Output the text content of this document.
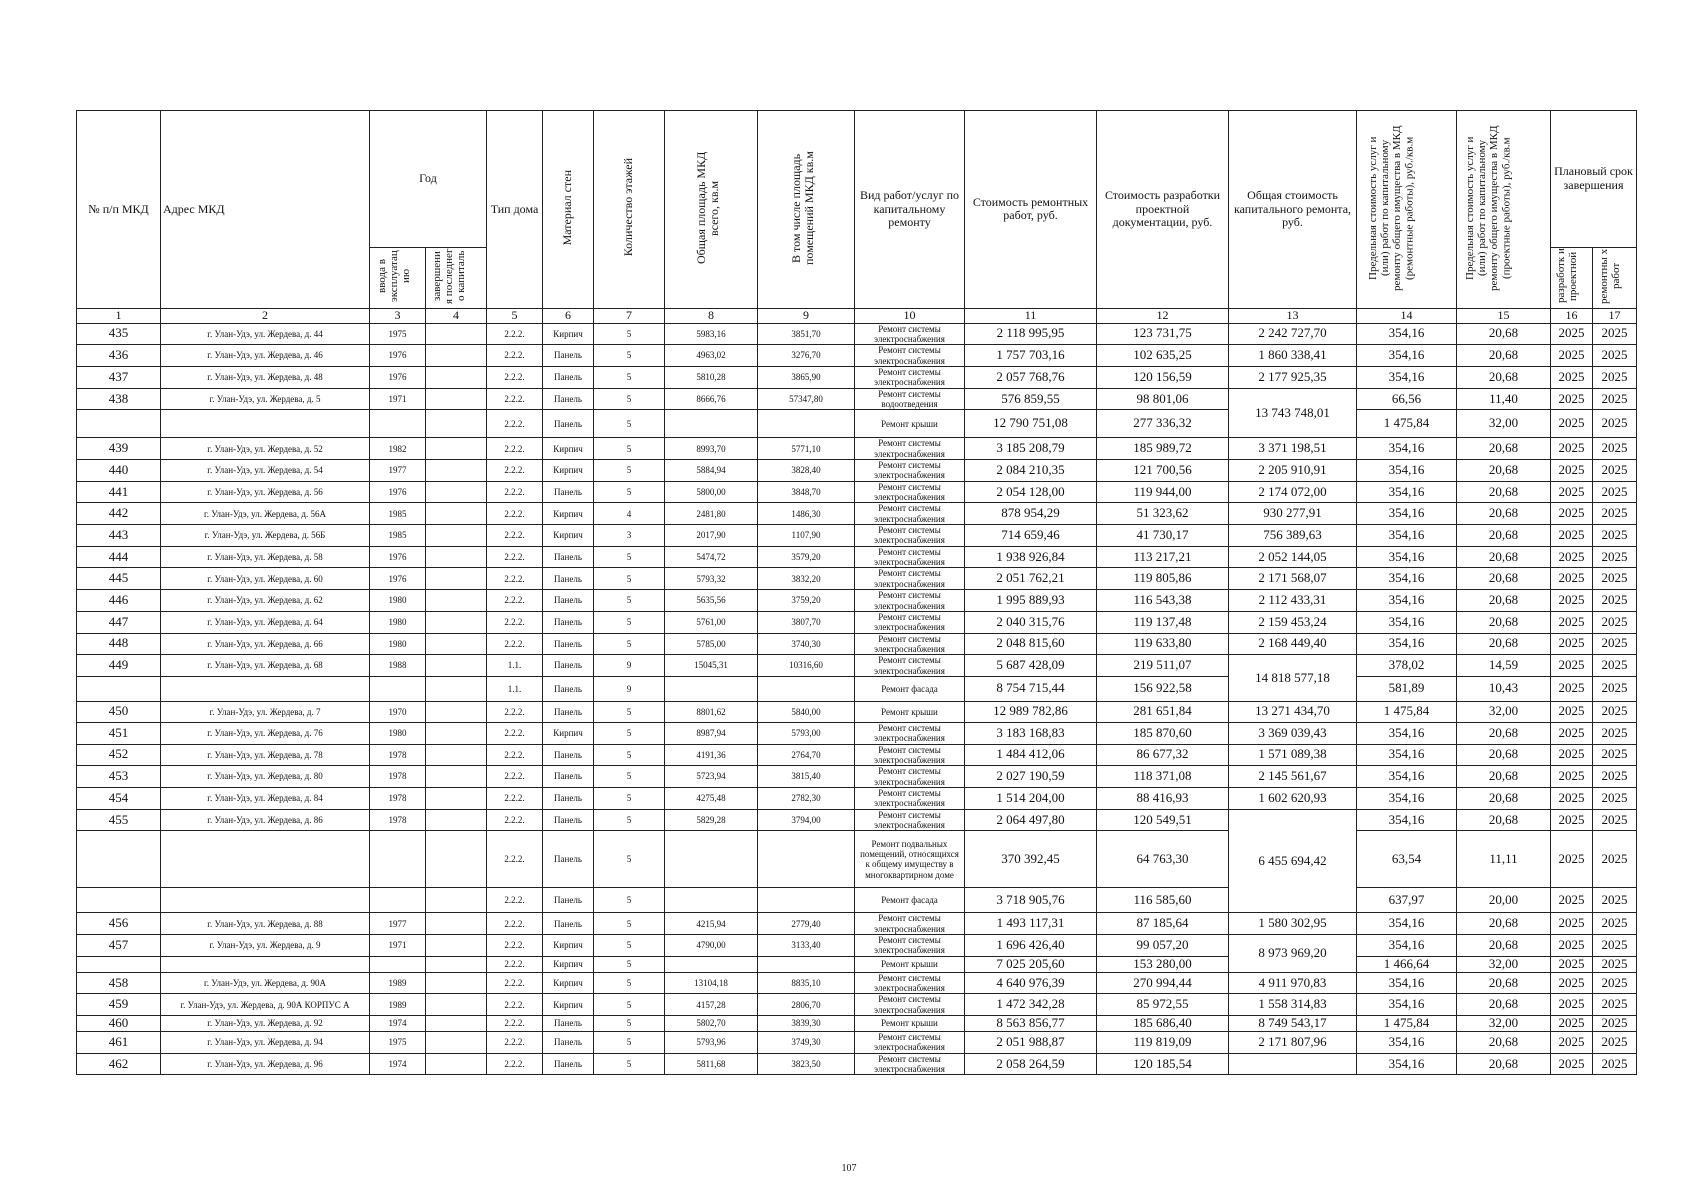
№ п/п МКД	Адрес МКД	Год		Тип дома	Материал стен	Количество этажей	Общая площадь МКД всего, кв.м	В том числе площадь помещений МКД кв.м	Вид работ/услуг по капитальному ремонту	Стоимость ремонтных работ, руб.	Стоимость разработки проектной документации, руб.	Общая стоимость капитального ремонта, руб.	Предельная стоимость услуг и (или) работ по капитальному ремонту общего имущества в МКД (ремонтные работы), руб./кв.м	Предельная стоимость услуг и (или) работ по капитальному ремонту общего имущества в МКД (проектные работы), руб./кв.м	Плановый срок завершения	
		ввода в эксплуатац ию	завершени я последнег о капиталь												разработк и проектной	ремонтны х работ
1	2	3	4	5	6	7	8	9	10	11	12	13	14	15	16	17
435	г. Улан-Удэ, ул. Жердева, д. 44	1975		2.2.2.	Кирпич	5	5983,16	3851,70	Ремонт системы электроснабжения	2 118 995,95	123 731,75	2 242 727,70	354,16	20,68	2025	2025
436	г. Улан-Удэ, ул. Жердева, д. 46	1976		2.2.2.	Панель	5	4963,02	3276,70	Ремонт системы электроснабжения	1 757 703,16	102 635,25	1 860 338,41	354,16	20,68	2025	2025
437	г. Улан-Удэ, ул. Жердева, д. 48	1976		2.2.2.	Панель	5	5810,28	3865,90	Ремонт системы электроснабжения	2 057 768,76	120 156,59	2 177 925,35	354,16	20,68	2025	2025
438	г. Улан-Удэ, ул. Жердева, д. 5	1971		2.2.2.	Панель	5	8666,76	57347,80	Ремонт системы водоотведения	576 859,55	98 801,06	13 743 748,01	66,56	11,40	2025	2025
				2.2.2.	Панель	5			Ремонт крыши	12 790 751,08	277 336,32		1 475,84	32,00	2025	2025
439	г. Улан-Удэ, ул. Жердева, д. 52	1982		2.2.2.	Кирпич	5	8993,70	5771,10	Ремонт системы электроснабжения	3 185 208,79	185 989,72	3 371 198,51	354,16	20,68	2025	2025
440	г. Улан-Удэ, ул. Жердева, д. 54	1977		2.2.2.	Кирпич	5	5884,94	3828,40	Ремонт системы электроснабжения	2 084 210,35	121 700,56	2 205 910,91	354,16	20,68	2025	2025
441	г. Улан-Удэ, ул. Жердева, д. 56	1976		2.2.2.	Панель	5	5800,00	3848,70	Ремонт системы электроснабжения	2 054 128,00	119 944,00	2 174 072,00	354,16	20,68	2025	2025
442	г. Улан-Удэ, ул. Жердева, д. 56А	1985		2.2.2.	Кирпич	4	2481,80	1486,30	Ремонт системы электроснабжения	878 954,29	51 323,62	930 277,91	354,16	20,68	2025	2025
443	г. Улан-Удэ, ул. Жердева, д. 56Б	1985		2.2.2.	Кирпич	3	2017,90	1107,90	Ремонт системы электроснабжения	714 659,46	41 730,17	756 389,63	354,16	20,68	2025	2025
444	г. Улан-Удэ, ул. Жердева, д. 58	1976		2.2.2.	Панель	5	5474,72	3579,20	Ремонт системы электроснабжения	1 938 926,84	113 217,21	2 052 144,05	354,16	20,68	2025	2025
445	г. Улан-Удэ, ул. Жердева, д. 60	1976		2.2.2.	Панель	5	5793,32	3832,20	Ремонт системы электроснабжения	2 051 762,21	119 805,86	2 171 568,07	354,16	20,68	2025	2025
446	г. Улан-Удэ, ул. Жердева, д. 62	1980		2.2.2.	Панель	5	5635,56	3759,20	Ремонт системы электроснабжения	1 995 889,93	116 543,38	2 112 433,31	354,16	20,68	2025	2025
447	г. Улан-Удэ, ул. Жердева, д. 64	1980		2.2.2.	Панель	5	5761,00	3807,70	Ремонт системы электроснабжения	2 040 315,76	119 137,48	2 159 453,24	354,16	20,68	2025	2025
448	г. Улан-Удэ, ул. Жердева, д. 66	1980		2.2.2.	Панель	5	5785,00	3740,30	Ремонт системы электроснабжения	2 048 815,60	119 633,80	2 168 449,40	354,16	20,68	2025	2025
449	г. Улан-Удэ, ул. Жердева, д. 68	1988		1.1.	Панель	9	15045,31	10316,60	Ремонт системы электроснабжения	5 687 428,09	219 511,07	14 818 577,18	378,02	14,59	2025	2025
				1.1.	Панель	9			Ремонт фасада	8 754 715,44	156 922,58		581,89	10,43	2025	2025
450	г. Улан-Удэ, ул. Жердева, д. 7	1970		2.2.2.	Панель	5	8801,62	5840,00	Ремонт крыши	12 989 782,86	281 651,84	13 271 434,70	1 475,84	32,00	2025	2025
451	г. Улан-Удэ, ул. Жердева, д. 76	1980		2.2.2.	Кирпич	5	8987,94	5793,00	Ремонт системы электроснабжения	3 183 168,83	185 870,60	3 369 039,43	354,16	20,68	2025	2025
452	г. Улан-Удэ, ул. Жердева, д. 78	1978		2.2.2.	Панель	5	4191,36	2764,70	Ремонт системы электроснабжения	1 484 412,06	86 677,32	1 571 089,38	354,16	20,68	2025	2025
453	г. Улан-Удэ, ул. Жердева, д. 80	1978		2.2.2.	Панель	5	5723,94	3815,40	Ремонт системы электроснабжения	2 027 190,59	118 371,08	2 145 561,67	354,16	20,68	2025	2025
454	г. Улан-Удэ, ул. Жердева, д. 84	1978		2.2.2.	Панель	5	4275,48	2782,30	Ремонт системы электроснабжения	1 514 204,00	88 416,93	1 602 620,93	354,16	20,68	2025	2025
455	г. Улан-Удэ, ул. Жердева, д. 86	1978		2.2.2.	Панель	5	5829,28	3794,00	Ремонт системы электроснабжения	2 064 497,80	120 549,51	6 455 694,42	354,16	20,68	2025	2025
				2.2.2.	Панель	5			Ремонт подвальных помещений, относящихся к общему имуществу в многоквартирном доме	370 392,45	64 763,30		63,54	11,11	2025	2025
				2.2.2.	Панель	5			Ремонт фасада	3 718 905,76	116 585,60		637,97	20,00	2025	2025
456	г. Улан-Удэ, ул. Жердева, д. 88	1977		2.2.2.	Панель	5	4215,94	2779,40	Ремонт системы электроснабжения	1 493 117,31	87 185,64	1 580 302,95	354,16	20,68	2025	2025
457	г. Улан-Удэ, ул. Жердева, д. 9	1971		2.2.2.	Кирпич	5	4790,00	3133,40	Ремонт системы электроснабжения	1 696 426,40	99 057,20	8 973 969,20	354,16	20,68	2025	2025
				2.2.2.	Кирпич	5			Ремонт крыши	7 025 205,60	153 280,00		1 466,64	32,00	2025	2025
458	г. Улан-Удэ, ул. Жердева, д. 90А	1989		2.2.2.	Кирпич	5	13104,18	8835,10	Ремонт системы электроснабжения	4 640 976,39	270 994,44	4 911 970,83	354,16	20,68	2025	2025
459	г. Улан-Удэ, ул. Жердева, д. 90А КОРПУС А	1989		2.2.2.	Кирпич	5	4157,28	2806,70	Ремонт системы электроснабжения	1 472 342,28	85 972,55	1 558 314,83	354,16	20,68	2025	2025
460	г. Улан-Удэ, ул. Жердева, д. 92	1974		2.2.2.	Панель	5	5802,70	3839,30	Ремонт крыши	8 563 856,77	185 686,40	8 749 543,17	1 475,84	32,00	2025	2025
461	г. Улан-Удэ, ул. Жердева, д. 94	1975		2.2.2.	Панель	5	5793,96	3749,30	Ремонт системы электроснабжения	2 051 988,87	119 819,09	2 171 807,96	354,16	20,68	2025	2025
462	г. Улан-Удэ, ул. Жердева, д. 96	1974		2.2.2.	Панель	5	5811,68	3823,50	Ремонт системы электроснабжения	2 058 264,59	120 185,54		354,16	20,68	2025	2025
107
